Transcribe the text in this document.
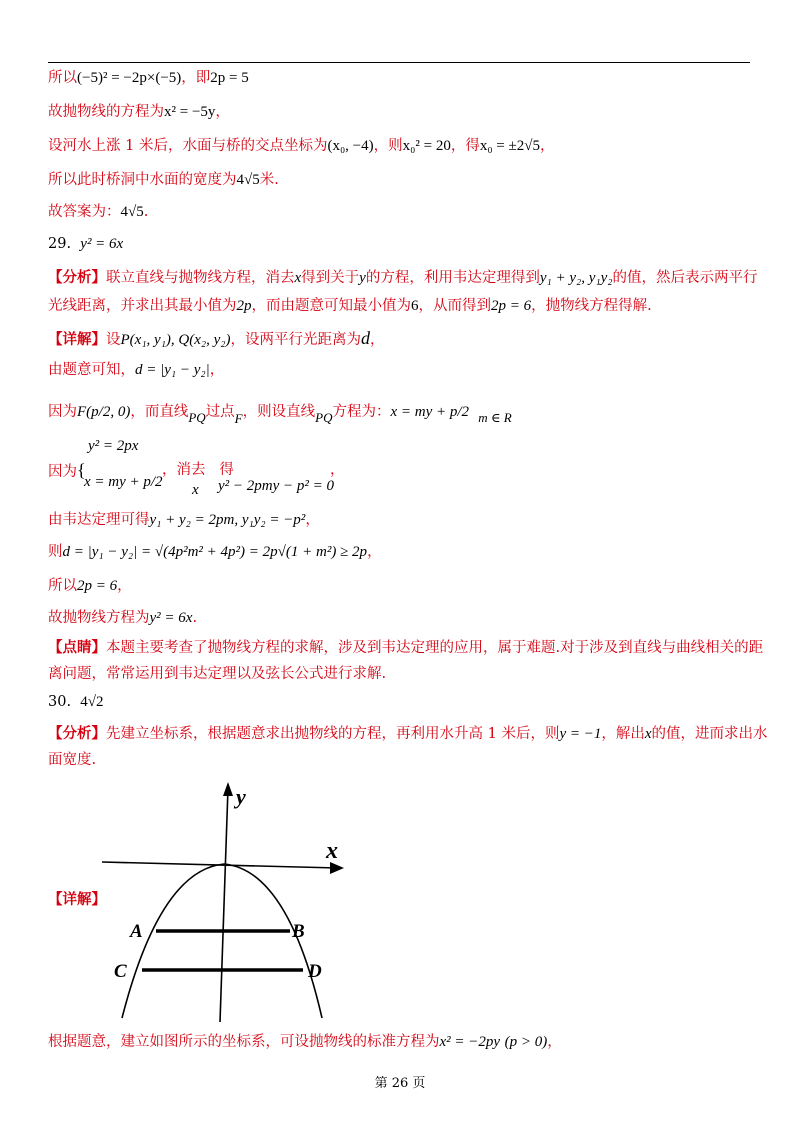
所以(−5)² = −2p×(−5)，即2p = 5
故抛物线的方程为x² = −5y，
设河水上涨 1 米后，水面与桥的交点坐标为(x₀, −4)，则x₀² = 20，得x₀ = ±2√5，
所以此时桥洞中水面的宽度为4√5米.
故答案为：4√5.
29. y² = 6x
【分析】联立直线与抛物线方程，消去x得到关于y的方程，利用韦达定理得到y₁ + y₂, y₁y₂的值，然后表示两平行
光线距离，并求出其最小值为2p，而由题意可知最小值为6，从而得到2p = 6，抛物线方程得解.
【详解】设P(x₁, y₁), Q(x₂, y₂)，设两平行光距离为d，
由题意可知，d = |y₁ − y₂|，
因为F(p/2, 0)，而直线PQ过点F，则设直线PQ方程为：x = my + p/2 m ∈ R
y² = 2px
因为{
x = my + p/2
，消去 得
x y² − 2pmy − p² = 0
，
由韦达定理可得y₁ + y₂ = 2pm, y₁y₂ = −p²，
则d = |y₁ − y₂| = √(4p²m² + 4p²) = 2p√(1 + m²) ≥ 2p，
所以2p = 6，
故抛物线方程为y² = 6x.
【点睛】本题主要考查了抛物线方程的求解，涉及到韦达定理的应用，属于难题.对于涉及到直线与曲线相关的距
离问题，常常运用到韦达定理以及弦长公式进行求解.
30. 4√2
【分析】先建立坐标系，根据题意求出抛物线的方程，再利用水升高 1 米后，则y = −1，解出x的值，进而求出水
面宽度.
【详解】
y
x
A	B
C	D
根据题意，建立如图所示的坐标系，可设抛物线的标准方程为x² = −2py (p > 0)，
第 26 页
